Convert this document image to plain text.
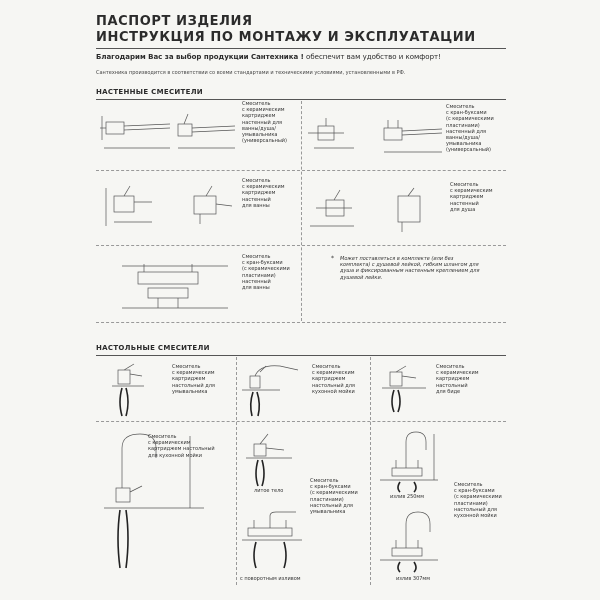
ПАСПОРТ ИЗДЕЛИЯ
ИНСТРУКЦИЯ ПО МОНТАЖУ И ЭКСПЛУАТАЦИИ
Благодарим Вас за выбор продукции Сантехника ! обеспечит вам удобство и комфорт!
Сантехника производится в соответствии со всеми стандартами и техническими условиями, установленными в РФ.
НАСТЕННЫЕ СМЕСИТЕЛИ
Смеситель
с керамическим
картриджем
настенный для
ванны/душа/
умывальника
(универсальный)
Смеситель
с кран-буксами
(с керамическими
пластинами)
настенный для
ванны/душа/
умывальника
(универсальный)
Смеситель
с керамическим
картриджем
настенный
для ванны
Смеситель
с керамическим
картриджем
настенный
для душа
Смеситель
с кран-буксами
(с керамическими
пластинами)
настенный
для ванны
Может поставляться в комплекте (или без
комплекта) с душевой лейкой, гибким шлангом для
душа и фиксированным настенным креплением для
душевой лейки.
*
НАСТОЛЬНЫЕ СМЕСИТЕЛИ
Смеситель
с керамическим
картриджем
настольный для
умывальника
Смеситель
с керамическим
картриджем
настольный для
кухонной мойки
Смеситель
с керамическим
картриджем
настольный
для биде
Смеситель
с керамическим
картриджем настольный
для кухонной мойки
литое тело
Смеситель
с кран-буксами
(с керамическими
пластинами)
настольный для
умывальника
с поворотным изливом
излив 250мм
Смеситель
с кран-буксами
(с керамическими
пластинами)
настольный для
кухонной мойки
излив 307мм
